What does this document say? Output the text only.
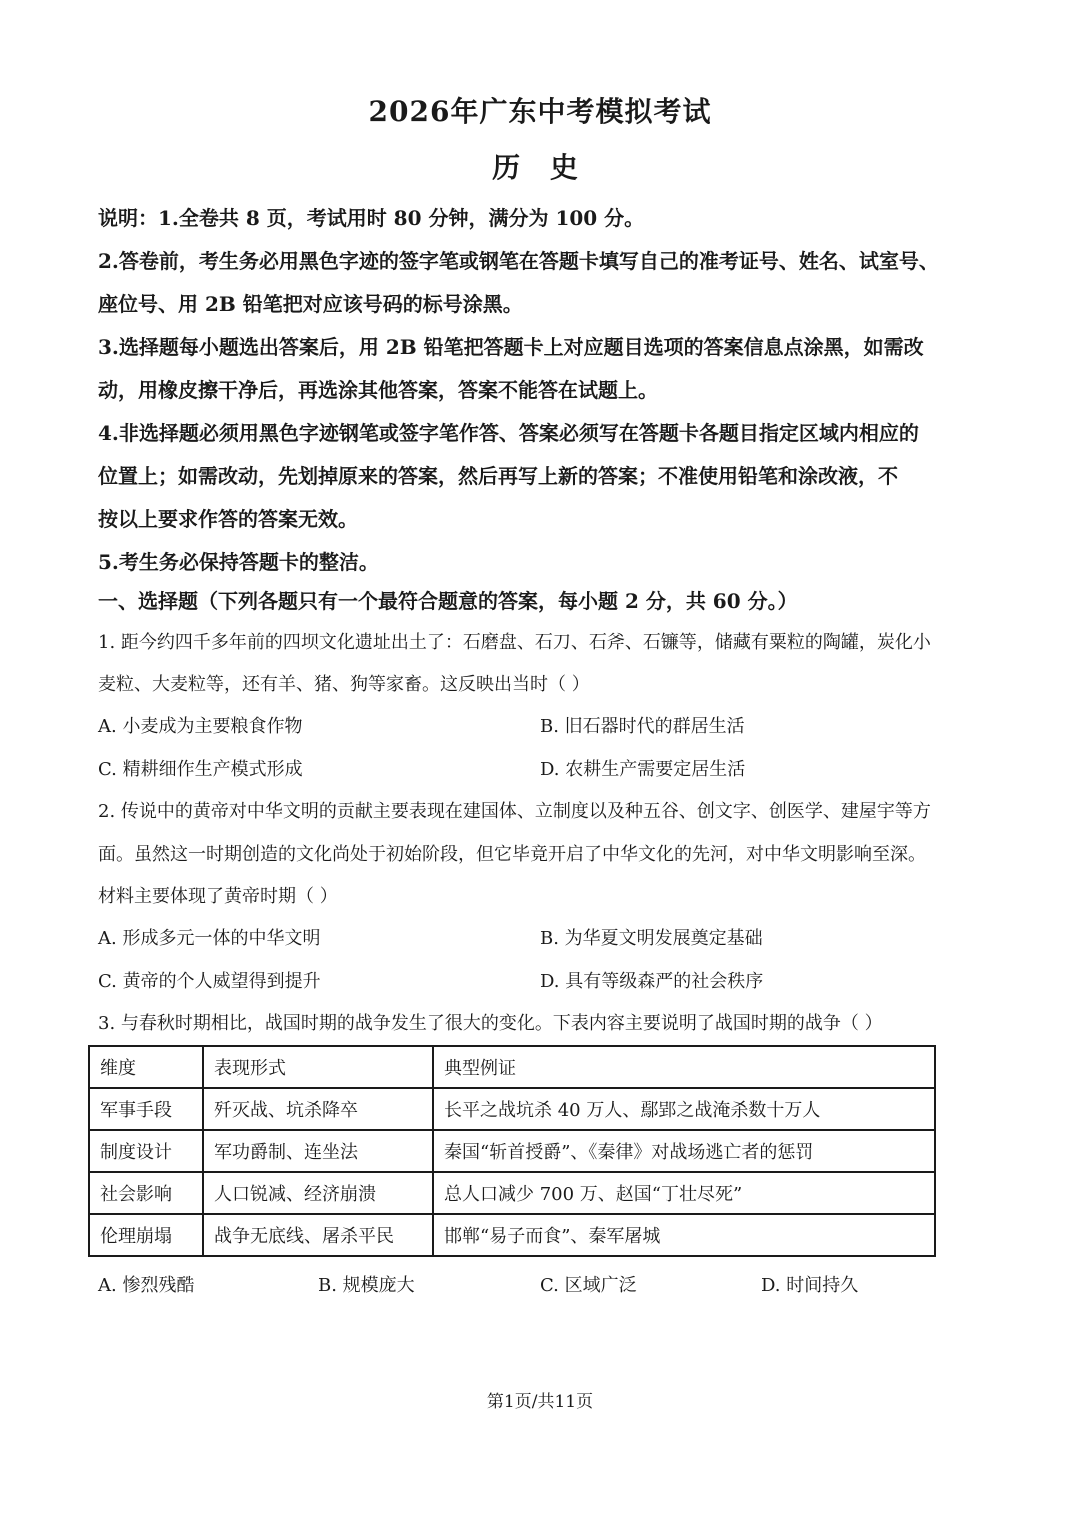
2026年广东中考模拟考试
历 史
说明：1.全卷共 8 页，考试用时 80 分钟，满分为 100 分。
2.答卷前，考生务必用黑色字迹的签字笔或钢笔在答题卡填写自己的准考证号、姓名、试室号、
座位号、用 2B 铅笔把对应该号码的标号涂黑。
3.选择题每小题选出答案后，用 2B 铅笔把答题卡上对应题目选项的答案信息点涂黑，如需改
动，用橡皮擦干净后，再选涂其他答案，答案不能答在试题上。
4.非选择题必须用黑色字迹钢笔或签字笔作答、答案必须写在答题卡各题目指定区域内相应的
位置上；如需改动，先划掉原来的答案，然后再写上新的答案；不准使用铅笔和涂改液，不
按以上要求作答的答案无效。
5.考生务必保持答题卡的整洁。
一、选择题（下列各题只有一个最符合题意的答案，每小题 2 分，共 60 分。）
1. 距今约四千多年前的四坝文化遗址出土了：石磨盘、石刀、石斧、石镰等，储藏有粟粒的陶罐，炭化小
麦粒、大麦粒等，还有羊、猪、狗等家畜。这反映出当时（ ）
A. 小麦成为主要粮食作物	B. 旧石器时代的群居生活
C. 精耕细作生产模式形成	D. 农耕生产需要定居生活
2. 传说中的黄帝对中华文明的贡献主要表现在建国体、立制度以及种五谷、创文字、创医学、建屋宇等方
面。虽然这一时期创造的文化尚处于初始阶段，但它毕竟开启了中华文化的先河，对中华文明影响至深。
材料主要体现了黄帝时期（ ）
A. 形成多元一体的中华文明	B. 为华夏文明发展奠定基础
C. 黄帝的个人威望得到提升	D. 具有等级森严的社会秩序
3. 与春秋时期相比，战国时期的战争发生了很大的变化。下表内容主要说明了战国时期的战争（ ）
维度	表现形式	典型例证
军事手段	歼灭战、坑杀降卒	长平之战坑杀 40 万人、鄢郢之战淹杀数十万人
制度设计	军功爵制、连坐法	秦国“斩首授爵”、《秦律》对战场逃亡者的惩罚
社会影响	人口锐减、经济崩溃	总人口减少 700 万、赵国“丁壮尽死”
伦理崩塌	战争无底线、屠杀平民	邯郸“易子而食”、秦军屠城
A. 惨烈残酷	B. 规模庞大	C. 区域广泛	D. 时间持久
第1页/共11页
